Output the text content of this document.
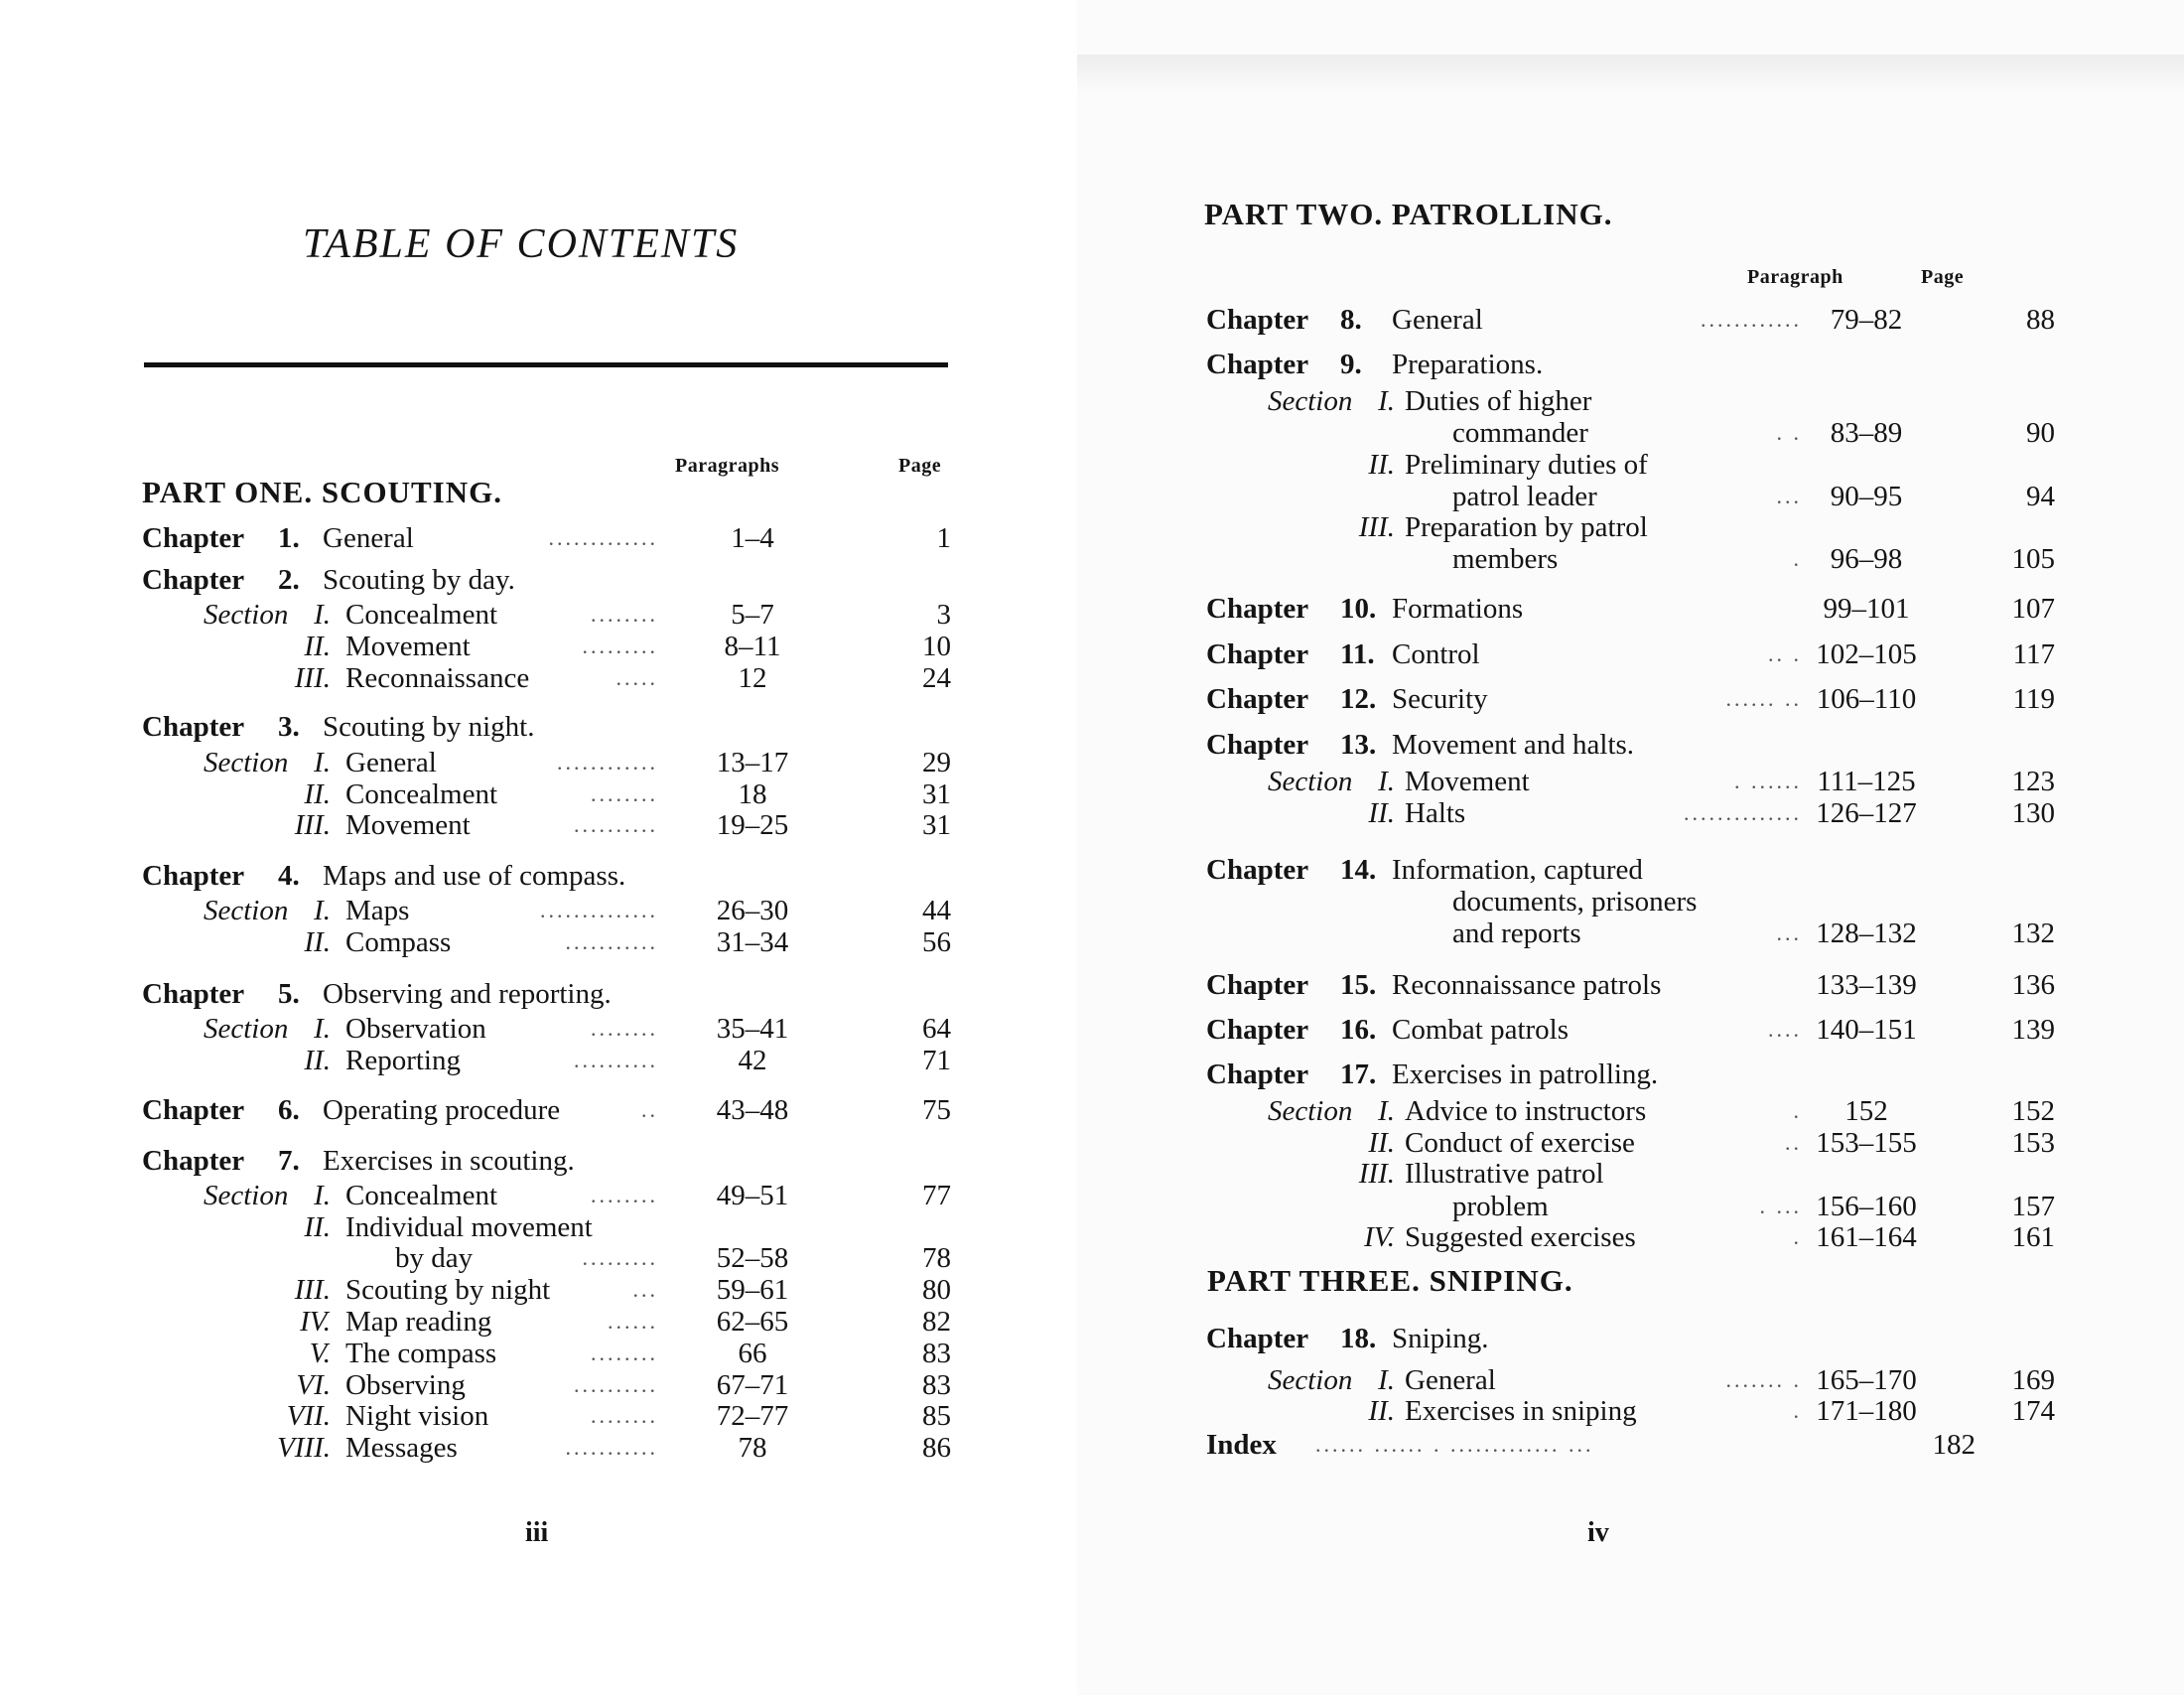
TABLE OF CONTENTS
Paragraphs	Page
PART ONE. SCOUTING.
Chapter 1. General	.............	1–4	1
Chapter 2. Scouting by day.
Section I. Concealment	........	5–7	3
II. Movement	.........	8–11	10
III. Reconnaissance	.....	12	24
Chapter 3. Scouting by night.
Section I. General	............	13–17	29
II. Concealment	........	18	31
III. Movement	..........	19–25	31
Chapter 4. Maps and use of compass.
Section I. Maps	..............	26–30	44
II. Compass	...........	31–34	56
Chapter 5. Observing and reporting.
Section I. Observation	........	35–41	64
II. Reporting	..........	42	71
Chapter 6. Operating procedure	..	43–48	75
Chapter 7. Exercises in scouting.
Section I. Concealment	........	49–51	77
II. Individual movement
by day	.........	52–58	78
III. Scouting by night	...	59–61	80
IV. Map reading	......	62–65	82
V. The compass	........	66	83
VI. Observing	..........	67–71	83
VII. Night vision	........	72–77	85
VIII. Messages	...........	78	86
iii
PART TWO. PATROLLING.
Paragraph	Page
Chapter 8. General	............ 79–82	88
Chapter 9. Preparations.
Section I. Duties of higher
commander	. . 83–89	90
II. Preliminary duties of
patrol leader	... 90–95	94
III. Preparation by patrol
members	. 96–98	105
Chapter 10. Formations	99–101	107
Chapter 11. Control	.. . 102–105	117
Chapter 12. Security	...... .. 106–110	119
Chapter 13. Movement and halts.
Section I. Movement	. ...... 111–125	123
II. Halts	.............. 126–127	130
Chapter 14. Information, captured
documents, prisoners
and reports	... 128–132	132
Chapter 15. Reconnaissance patrols	133–139	136
Chapter 16. Combat patrols	.... 140–151	139
Chapter 17. Exercises in patrolling.
Section I. Advice to instructors	.	152	152
II. Conduct of exercise	.. 153–155	153
III. Illustrative patrol
problem	. ... 156–160	157
IV. Suggested exercises	. 161–164	161
PART THREE. SNIPING.
Chapter 18. Sniping.
Section I. General	....... . 165–170	169
II. Exercises in sniping	. 171–180	174
Index ...... ...... . ............. ...	182
iv
